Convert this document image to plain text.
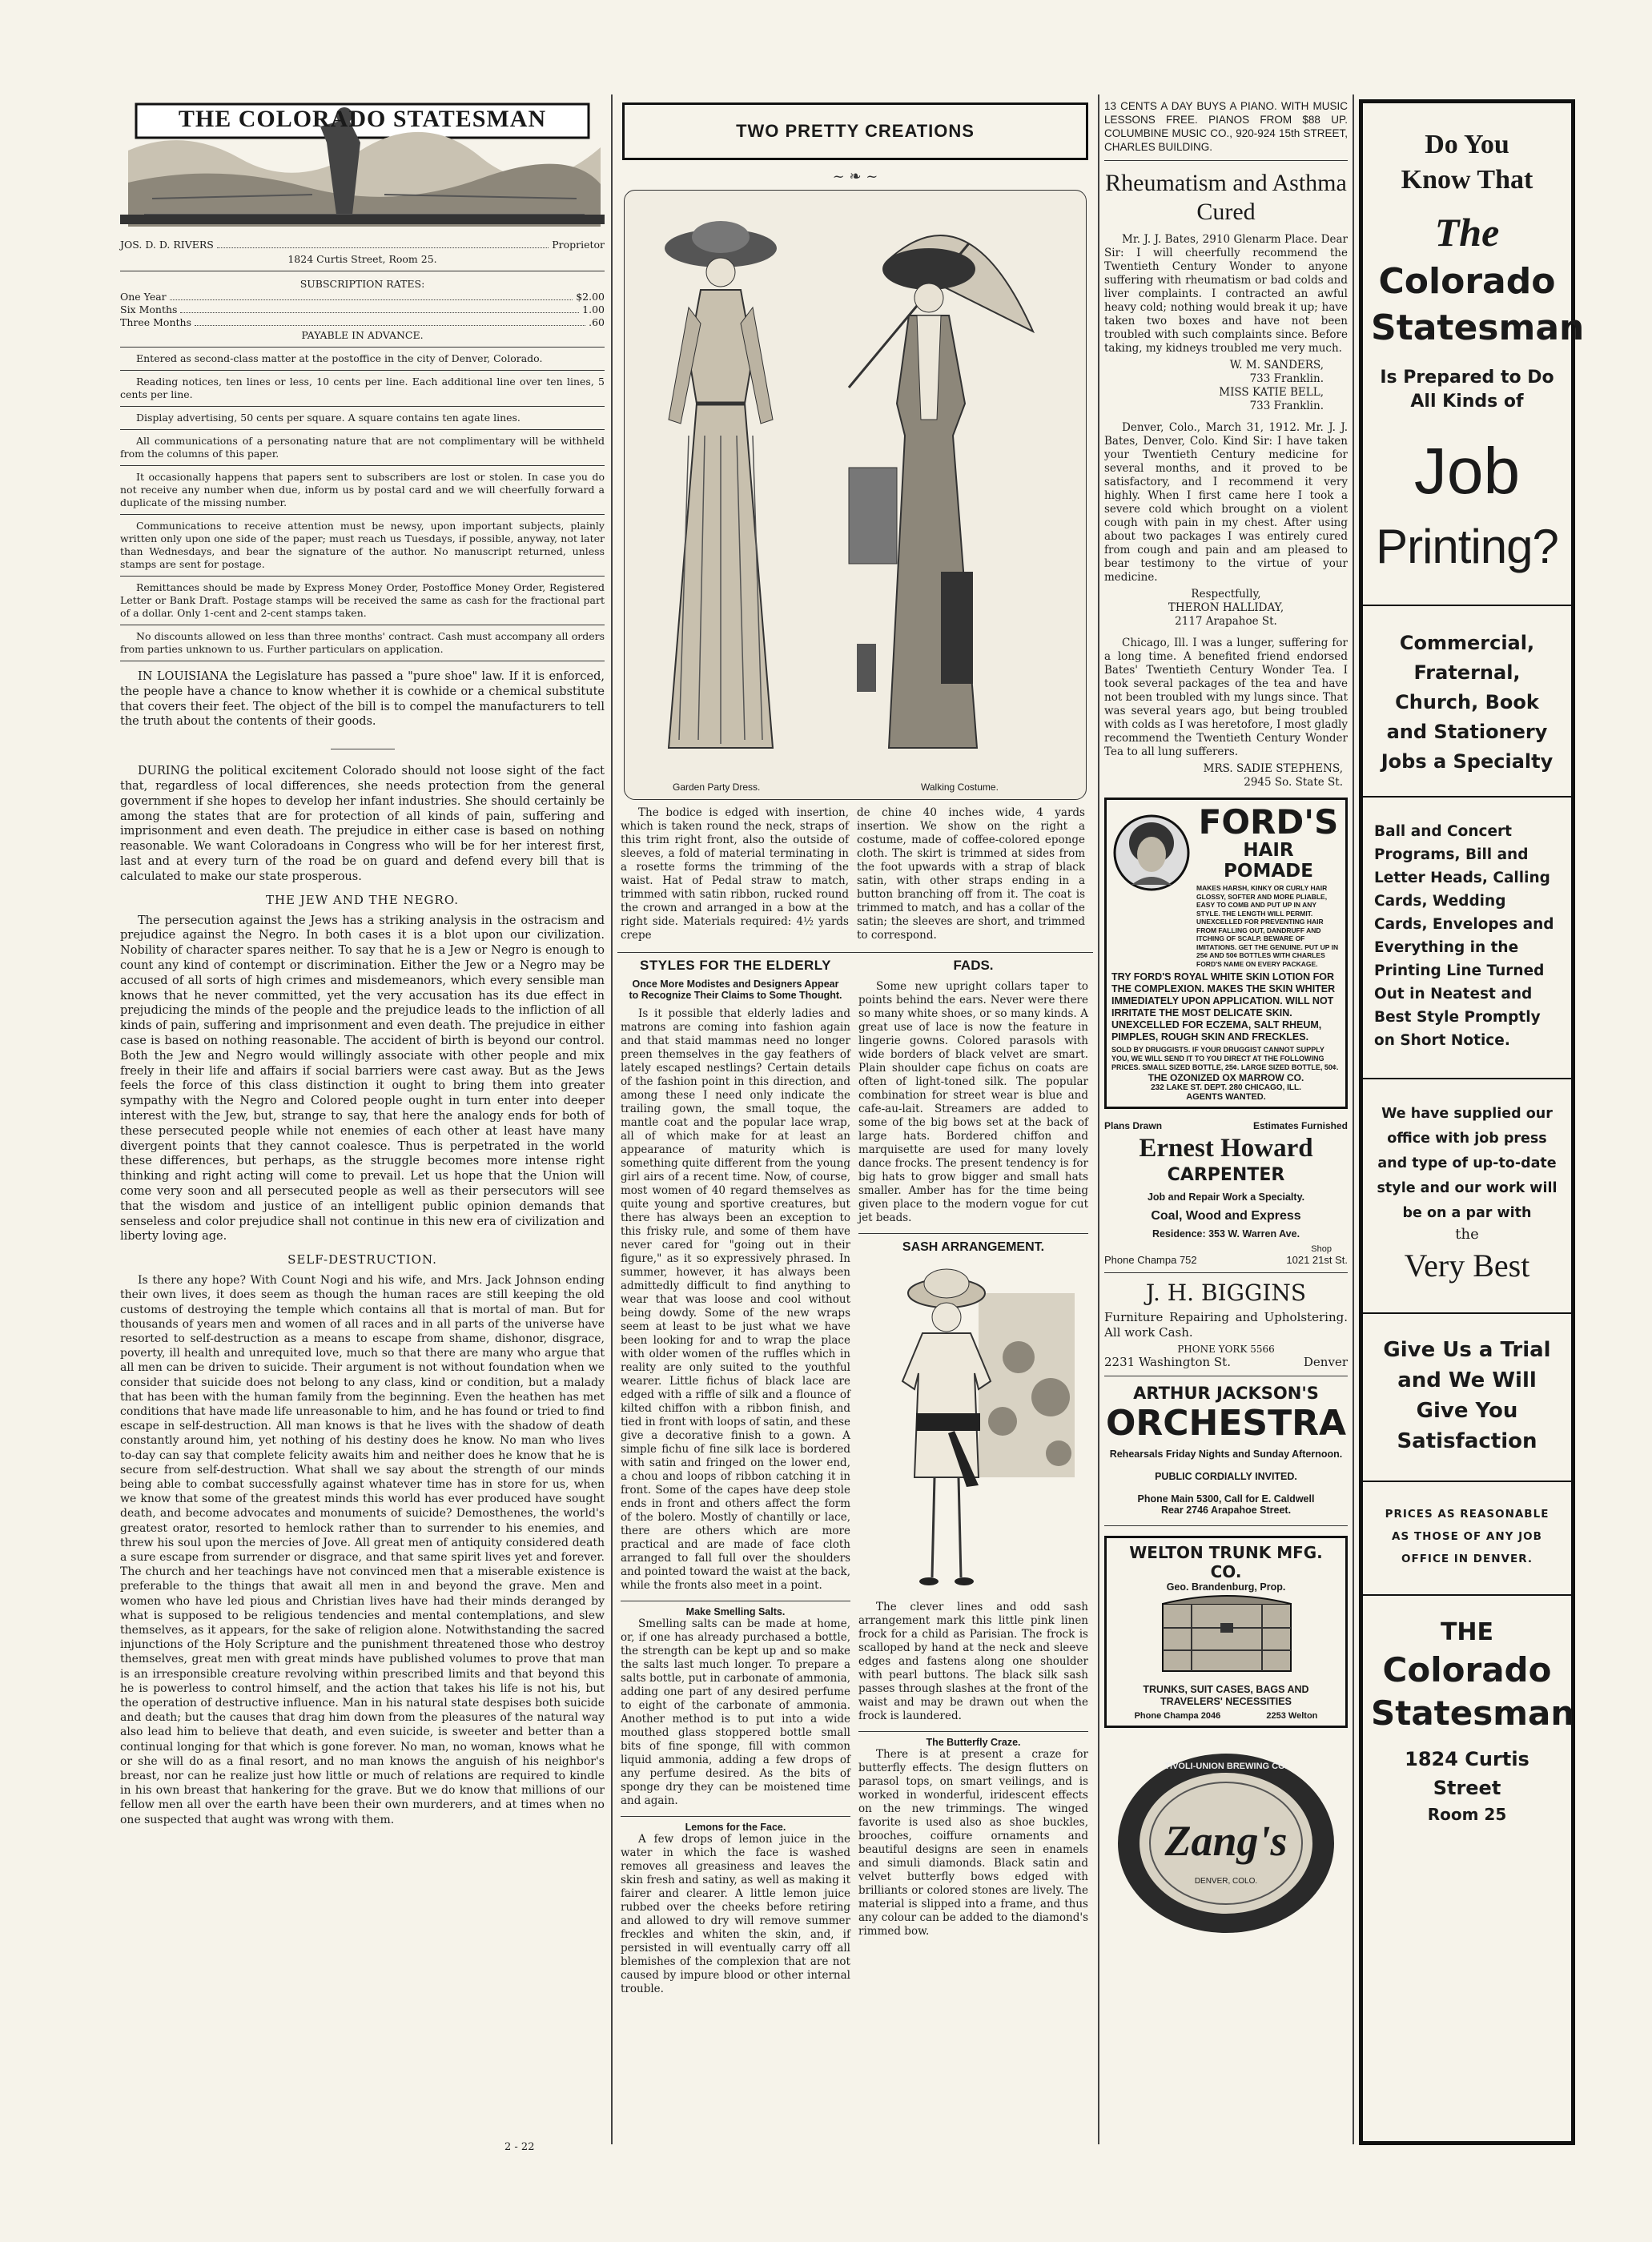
THE COLORADO STATESMAN
JOS. D. D. RIVERS	Proprietor
1824 Curtis Street, Room 25.
SUBSCRIPTION RATES:
One Year	$2.00
Six Months	1.00
Three Months	.60
PAYABLE IN ADVANCE.

Entered as second-class matter at the postoffice in the city of Denver, Colorado.

Reading notices, ten lines or less, 10 cents per line. Each additional line over ten lines, 5 cents per line.

Display advertising, 50 cents per square. A square contains ten agate lines.

All communications of a personating nature that are not complimentary will be withheld from the columns of this paper.

It occasionally happens that papers sent to subscribers are lost or stolen. In case you do not receive any number when due, inform us by postal card and we will cheerfully forward a duplicate of the missing number.

Communications to receive attention must be newsy, upon important subjects, plainly written only upon one side of the paper; must reach us Tuesdays, if possible, anyway, not later than Wednesdays, and bear the signature of the author. No manuscript returned, unless stamps are sent for postage.

Remittances should be made by Express Money Order, Postoffice Money Order, Registered Letter or Bank Draft. Postage stamps will be received the same as cash for the fractional part of a dollar. Only 1-cent and 2-cent stamps taken.

No discounts allowed on less than three months' contract. Cash must accompany all orders from parties unknown to us. Further particulars on application.

IN LOUISIANA the Legislature has passed a "pure shoe" law. If it is enforced, the people have a chance to know whether it is cowhide or a chemical substitute that covers their feet. The object of the bill is to compel the manufacturers to tell the truth about the contents of their goods.

DURING the political excitement Colorado should not loose sight of the fact that, regardless of local differences, she needs protection from the general government if she hopes to develop her infant industries. She should certainly be among the states that are for protection of all kinds of pain, suffering and imprisonment and even death. The prejudice in either case is based on nothing reasonable. We want Coloradoans in Congress who will be for her interest first, last and at every turn of the road be on guard and defend every bill that is calculated to make our state prosperous.

THE JEW AND THE NEGRO.

The persecution against the Jews has a striking analysis in the ostracism and prejudice against the Negro. In both cases it is a blot upon our civilization. Nobility of character spares neither. To say that he is a Jew or Negro is enough to count any kind of contempt or discrimination. Either the Jew or a Negro may be accused of all sorts of high crimes and misdemeanors, which every sensible man knows that he never committed, yet the very accusation has its due effect in prejudicing the minds of the people and the prejudice leads to the infliction of all kinds of pain, suffering and imprisonment and even death. The prejudice in either case is based on nothing reasonable. The accident of birth is beyond our control. Both the Jew and Negro would willingly associate with other people and mix freely in their life and affairs if social barriers were cast away. But as the Jews feels the force of this class distinction it ought to bring them into greater sympathy with the Negro and Colored people ought in turn enter into deeper interest with the Jew, but, strange to say, that here the analogy ends for both of these persecuted people while not enemies of each other at least have many divergent points that they cannot coalesce. Thus is perpetrated in the world these differences, but perhaps, as the struggle becomes more intense right thinking and right acting will come to prevail. Let us hope that the Union will come very soon and all persecuted people as well as their persecutors will see that the wisdom and justice of an intelligent public opinion demands that senseless and color prejudice shall not continue in this new era of civilization and liberty loving age.

SELF-DESTRUCTION.

Is there any hope? With Count Nogi and his wife, and Mrs. Jack Johnson ending their own lives, it does seem as though the human races are still keeping the old customs of destroying the temple which contains all that is mortal of man. But for thousands of years men and women of all races and in all parts of the universe have resorted to self-destruction as a means to escape from shame, dishonor, disgrace, poverty, ill health and unrequited love, much so that there are many who argue that all men can be driven to suicide. Their argument is not without foundation when we consider that suicide does not belong to any class, kind or condition, but a malady that has been with the human family from the beginning. Even the heathen has met conditions that have made life unreasonable to him, and he has found or tried to find escape in self-destruction. All man knows is that he lives with the shadow of death constantly around him, yet nothing of his destiny does he know. No man who lives to-day can say that complete felicity awaits him and neither does he know that he is secure from self-destruction. What shall we say about the strength of our minds being able to combat successfully against whatever time has in store for us, when we know that some of the greatest minds this world has ever produced have sought death, and become advocates and monuments of suicide? Demosthenes, the world's greatest orator, resorted to hemlock rather than to surrender to his enemies, and threw his soul upon the mercies of Jove. All great men of antiquity considered death a sure escape from surrender or disgrace, and that same spirit lives yet and forever. The church and her teachings have not convinced men that a miserable existence is preferable to the things that await all men in and beyond the grave. Men and women who have led pious and Christian lives have had their minds deranged by what is supposed to be religious tendencies and mental contemplations, and slew themselves, as it appears, for the sake of religion alone. Notwithstanding the sacred injunctions of the Holy Scripture and the punishment threatened those who destroy themselves, great men with great minds have published volumes to prove that man is an irresponsible creature revolving within prescribed limits and that beyond this he is powerless to control himself, and the action that takes his life is not his, but the operation of destructive influence. Man in his natural state despises both suicide and death; but the causes that drag him down from the pleasures of the natural way also lead him to believe that death, and even suicide, is sweeter and better than a continual longing for that which is gone forever. No man, no woman, knows what he or she will do as a final resort, and no man knows the anguish of his neighbor's breast, nor can he realize just how little or much of relations are required to kindle in his own breast that hankering for the grave. But we do know that millions of our fellow men all over the earth have been their own murderers, and at times when no one suspected that aught was wrong with them.

2 - 22
TWO PRETTY CREATIONS
~ ❧ ~
Garden Party Dress.	Walking Costume.

The bodice is edged with insertion, which is taken round the neck, straps of this trim right front, also the outside of sleeves, a fold of material terminating in a rosette forms the trimming of the waist. Hat of Pedal straw to match, trimmed with satin ribbon, rucked round the crown and arranged in a bow at the right side. Materials required: 4½ yards crepe

de chine 40 inches wide, 4 yards insertion. We show on the right a costume, made of coffee-colored eponge cloth. The skirt is trimmed at sides from the foot upwards with a strap of black satin, with other straps ending in a button branching off from it. The coat is trimmed to match, and has a collar of the satin; the sleeves are short, and trimmed to correspond.

STYLES FOR THE ELDERLY
Once More Modistes and Designers Appear to Recognize Their Claims to Some Thought.

Is it possible that elderly ladies and matrons are coming into fashion again and that staid mammas need no longer preen themselves in the gay feathers of lately escaped nestlings? Certain details of the fashion point in this direction, and among these I need only indicate the trailing gown, the small toque, the mantle coat and the popular lace wrap, all of which make for at least an appearance of maturity which is something quite different from the young girl airs of a recent time. Now, of course, most women of 40 regard themselves as quite young and sportive creatures, but there has always been an exception to this frisky rule, and some of them have never cared for "going out in their figure," as it so expressively phrased. In summer, however, it has always been admittedly difficult to find anything to wear that was loose and cool without being dowdy. Some of the new wraps seem at least to be just what we have been looking for and to wrap the place with older women of the ruffles which in reality are only suited to the youthful wearer. Little fichus of black lace are edged with a riffle of silk and a flounce of kilted chiffon with a ribbon finish, and tied in front with loops of satin, and these give a decorative finish to a gown. A simple fichu of fine silk lace is bordered with satin and fringed on the lower end, a chou and loops of ribbon catching it in front. Some of the capes have deep stole ends in front and others affect the form of the bolero. Mostly of chantilly or lace, there are others which are more practical and are made of face cloth arranged to fall full over the shoulders and pointed toward the waist at the back, while the fronts also meet in a point.

Make Smelling Salts.

Smelling salts can be made at home, or, if one has already purchased a bottle, the strength can be kept up and so make the salts last much longer. To prepare a salts bottle, put in carbonate of ammonia, adding one part of any desired perfume to eight of the carbonate of ammonia. Another method is to put into a wide mouthed glass stoppered bottle small bits of fine sponge, fill with common liquid ammonia, adding a few drops of any perfume desired. As the bits of sponge dry they can be moistened time and again.

Lemons for the Face.

A few drops of lemon juice in the water in which the face is washed removes all greasiness and leaves the skin fresh and satiny, as well as making it fairer and clearer. A little lemon juice rubbed over the cheeks before retiring and allowed to dry will remove summer freckles and whiten the skin, and, if persisted in will eventually carry off all blemishes of the complexion that are not caused by impure blood or other internal trouble.

FADS.

Some new upright collars taper to points behind the ears. Never were there so many white shoes, or so many kinds. A great use of lace is now the feature in lingerie gowns. Colored parasols with wide borders of black velvet are smart. Plain shoulder cape fichus on coats are often of light-toned silk. The popular combination for street wear is blue and cafe-au-lait. Streamers are added to some of the big bows set at the back of large hats. Bordered chiffon and marquisette are used for many lovely dance frocks. The present tendency is for big hats to grow bigger and small hats smaller. Amber has for the time being given place to the modern vogue for cut jet beads.

SASH ARRANGEMENT.

The clever lines and odd sash arrangement mark this little pink linen frock for a child as Parisian. The frock is scalloped by hand at the neck and sleeve edges and fastens along one shoulder with pearl buttons. The black silk sash passes through slashes at the front of the waist and may be drawn out when the frock is laundered.

The Butterfly Craze.

There is at present a craze for butterfly effects. The design flutters on parasol tops, on smart veilings, and is worked in wonderful, iridescent effects on the new trimmings. The winged favorite is used also as shoe buckles, brooches, coiffure ornaments and beautiful designs are seen in enamels and simuli diamonds. Black satin and velvet butterfly bows edged with brilliants or colored stones are lively. The material is slipped into a frame, and thus any colour can be added to the diamond's rimmed bow.

13 CENTS A DAY BUYS A PIANO. WITH MUSIC LESSONS FREE. PIANOS FROM $88 UP. COLUMBINE MUSIC CO., 920-924 15th STREET, CHARLES BUILDING.

Rheumatism and Asthma Cured

Mr. J. J. Bates, 2910 Glenarm Place. Dear Sir: I will cheerfully recommend the Twentieth Century Wonder to anyone suffering with rheumatism or bad colds and liver complaints. I contracted an awful heavy cold; nothing would break it up; have taken two boxes and have not been troubled with such complaints since. Before taking, my kidneys troubled me very much.

W. M. SANDERS,
733 Franklin.
MISS KATIE BELL,
733 Franklin.

Denver, Colo., March 31, 1912. Mr. J. J. Bates, Denver, Colo. Kind Sir: I have taken your Twentieth Century medicine for several months, and it proved to be satisfactory, and I recommend it very highly. When I first came here I took a severe cold which brought on a violent cough with pain in my chest. After using about two packages I was entirely cured from cough and pain and am pleased to bear testimony to the virtue of your medicine.

Respectfully,
THERON HALLIDAY,
2117 Arapahoe St.

Chicago, Ill. I was a lunger, suffering for a long time. A benefited friend endorsed Bates' Twentieth Century Wonder Tea. I took several packages of the tea and have not been troubled with my lungs since. That was several years ago, but being troubled with colds as I was heretofore, I most gladly recommend the Twentieth Century Wonder Tea to all lung sufferers.

MRS. SADIE STEPHENS,
2945 So. State St.
FORD'S
HAIR POMADE
MAKES HARSH, KINKY OR CURLY HAIR GLOSSY, SOFTER AND MORE PLIABLE, EASY TO COMB AND PUT UP IN ANY STYLE. THE LENGTH WILL PERMIT. UNEXCELLED FOR PREVENTING HAIR FROM FALLING OUT, DANDRUFF AND ITCHING OF SCALP. BEWARE OF IMITATIONS. GET THE GENUINE. PUT UP IN 25¢ AND 50¢ BOTTLES WITH CHARLES FORD'S NAME ON EVERY PACKAGE.
TRY FORD'S ROYAL WHITE SKIN LOTION FOR THE COMPLEXION. MAKES THE SKIN WHITER IMMEDIATELY UPON APPLICATION. WILL NOT IRRITATE THE MOST DELICATE SKIN. UNEXCELLED FOR ECZEMA, SALT RHEUM, PIMPLES, ROUGH SKIN AND FRECKLES.
SOLD BY DRUGGISTS. IF YOUR DRUGGIST CANNOT SUPPLY YOU, WE WILL SEND IT TO YOU DIRECT AT THE FOLLOWING PRICES. SMALL SIZED BOTTLE, 25¢. LARGE SIZED BOTTLE, 50¢.
THE OZONIZED OX MARROW CO.
232 LAKE ST. DEPT. 280 CHICAGO, ILL.
AGENTS WANTED.
Plans Drawn	Estimates Furnished
Ernest Howard
CARPENTER
Job and Repair Work a Specialty.
Coal, Wood and Express
Residence: 353 W. Warren Ave.
Phone Champa 752
Shop
1021 21st St.
J. H. BIGGINS

Furniture Repairing and Upholstering. All work Cash.

PHONE YORK 5566
2231 Washington St.	Denver
ARTHUR JACKSON'S
ORCHESTRA
Rehearsals Friday Nights and Sunday Afternoon.
PUBLIC CORDIALLY INVITED.
Phone Main 5300, Call for E. Caldwell
Rear 2746 Arapahoe Street.
WELTON TRUNK MFG. CO.
Geo. Brandenburg, Prop.
TRUNKS, SUIT CASES, BAGS AND TRAVELERS' NECESSITIES
Phone Champa 2046	2253 Welton
TIVOLI-UNION BREWING CO.
Zang's
DENVER, COLO.
Do You
Know That
The
Colorado
Statesman
Is Prepared to Do
All Kinds of
Job
Printing?
Commercial, Fraternal, Church, Book and Stationery Jobs a Specialty
Ball and Concert Programs, Bill and Letter Heads, Calling Cards, Wedding Cards, Envelopes and Everything in the Printing Line Turned Out in Neatest and Best Style Promptly on Short Notice.
We have supplied our office with job press and type of up-to-date style and our work will be on a par with
the
Very Best
Give Us a Trial and We Will Give You Satisfaction
PRICES AS REASONABLE AS THOSE OF ANY JOB OFFICE IN DENVER.
THE
Colorado
Statesman
1824 Curtis Street
Room 25
